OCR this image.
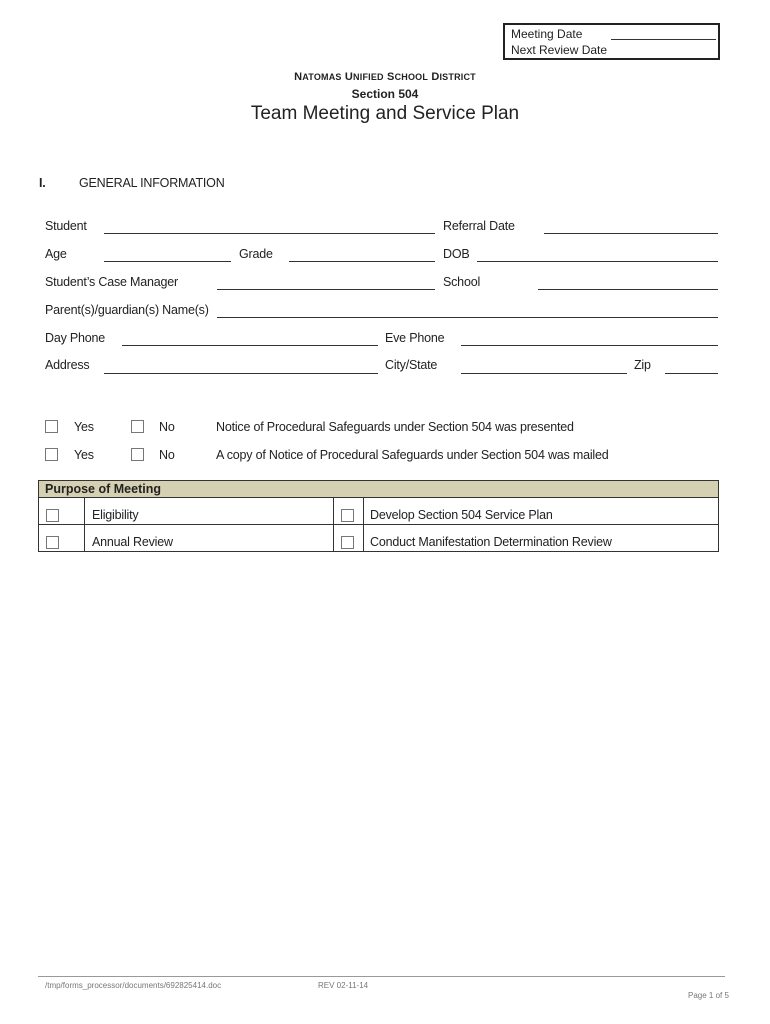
Meeting Date
Next Review Date
NATOMAS UNIFIED SCHOOL DISTRICT
Section 504
Team Meeting and Service Plan
I.	GENERAL INFORMATION
Student	Referral Date
Age	Grade	DOB
Student’s Case Manager	School
Parent(s)/guardian(s) Name(s)
Day Phone	Eve Phone
Address	City/State	Zip
Yes	No	Notice of Procedural Safeguards under Section 504 was presented
Yes	No	A copy of Notice of Procedural Safeguards under Section 504 was mailed
Purpose of Meeting	

Eligibility	Develop Section 504 Service Plan

Annual Review	Conduct Manifestation Determination Review
/tmp/forms_processor/documents/692825414.doc	REV 02-11-14
Page 1 of 5
